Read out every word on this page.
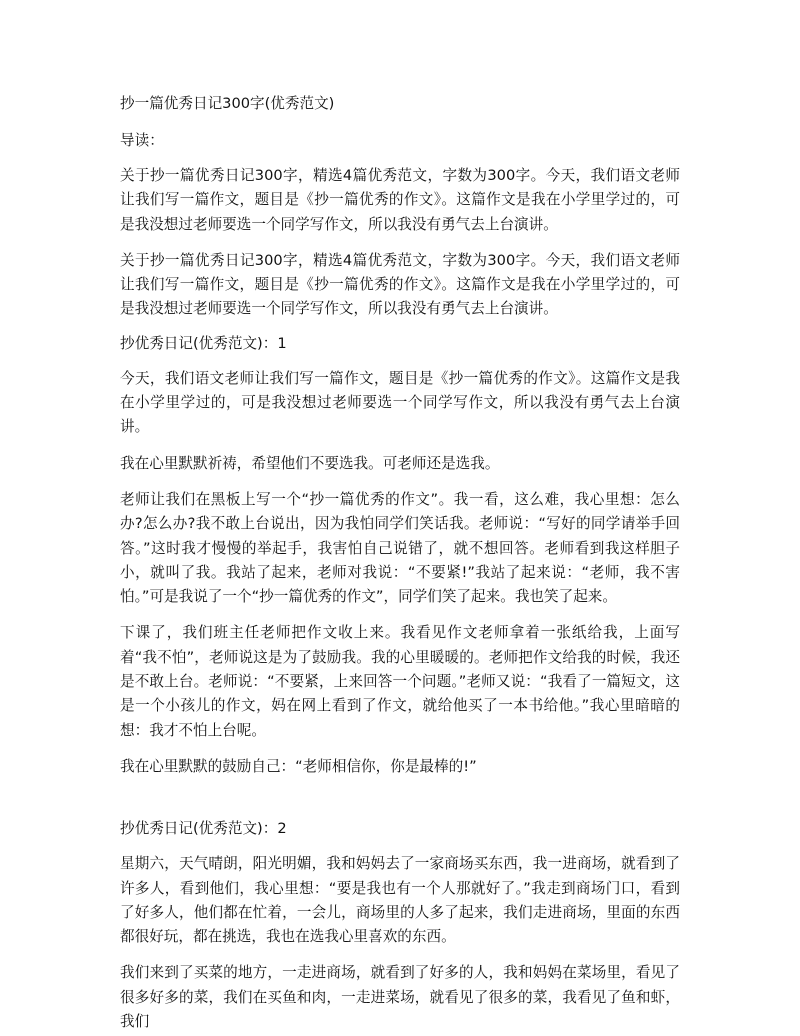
抄一篇优秀日记300字(优秀范文)
导读：
关于抄一篇优秀日记300字，精选4篇优秀范文，字数为300字。今天，我们语文老师让我们写一篇作文，题目是《抄一篇优秀的作文》。这篇作文是我在小学里学过的，可是我没想过老师要选一个同学写作文，所以我没有勇气去上台演讲。
关于抄一篇优秀日记300字，精选4篇优秀范文，字数为300字。今天，我们语文老师让我们写一篇作文，题目是《抄一篇优秀的作文》。这篇作文是我在小学里学过的，可是我没想过老师要选一个同学写作文，所以我没有勇气去上台演讲。
抄优秀日记(优秀范文)：1
今天，我们语文老师让我们写一篇作文，题目是《抄一篇优秀的作文》。这篇作文是我在小学里学过的，可是我没想过老师要选一个同学写作文，所以我没有勇气去上台演讲。
我在心里默默祈祷，希望他们不要选我。可老师还是选我。
老师让我们在黑板上写一个“抄一篇优秀的作文”。我一看，这么难，我心里想：怎么办?怎么办?我不敢上台说出，因为我怕同学们笑话我。老师说：“写好的同学请举手回答。”这时我才慢慢的举起手，我害怕自己说错了，就不想回答。老师看到我这样胆子小，就叫了我。我站了起来，老师对我说：“不要紧!”我站了起来说：“老师，我不害怕。”可是我说了一个“抄一篇优秀的作文”，同学们笑了起来。我也笑了起来。
下课了，我们班主任老师把作文收上来。我看见作文老师拿着一张纸给我，上面写着“我不怕”，老师说这是为了鼓励我。我的心里暖暖的。老师把作文给我的时候，我还是不敢上台。老师说：“不要紧，上来回答一个问题。”老师又说：“我看了一篇短文，这是一个小孩儿的作文，妈在网上看到了作文，就给他买了一本书给他。”我心里暗暗的想：我才不怕上台呢。
我在心里默默的鼓励自己：“老师相信你，你是最棒的!”
抄优秀日记(优秀范文)：2
星期六，天气晴朗，阳光明媚，我和妈妈去了一家商场买东西，我一进商场，就看到了许多人，看到他们，我心里想：“要是我也有一个人那就好了。”我走到商场门口，看到了好多人，他们都在忙着，一会儿，商场里的人多了起来，我们走进商场，里面的东西都很好玩，都在挑选，我也在选我心里喜欢的东西。
我们来到了买菜的地方，一走进商场，就看到了好多的人，我和妈妈在菜场里，看见了很多好多的菜，我们在买鱼和肉，一走进菜场，就看见了很多的菜，我看见了鱼和虾，我们
